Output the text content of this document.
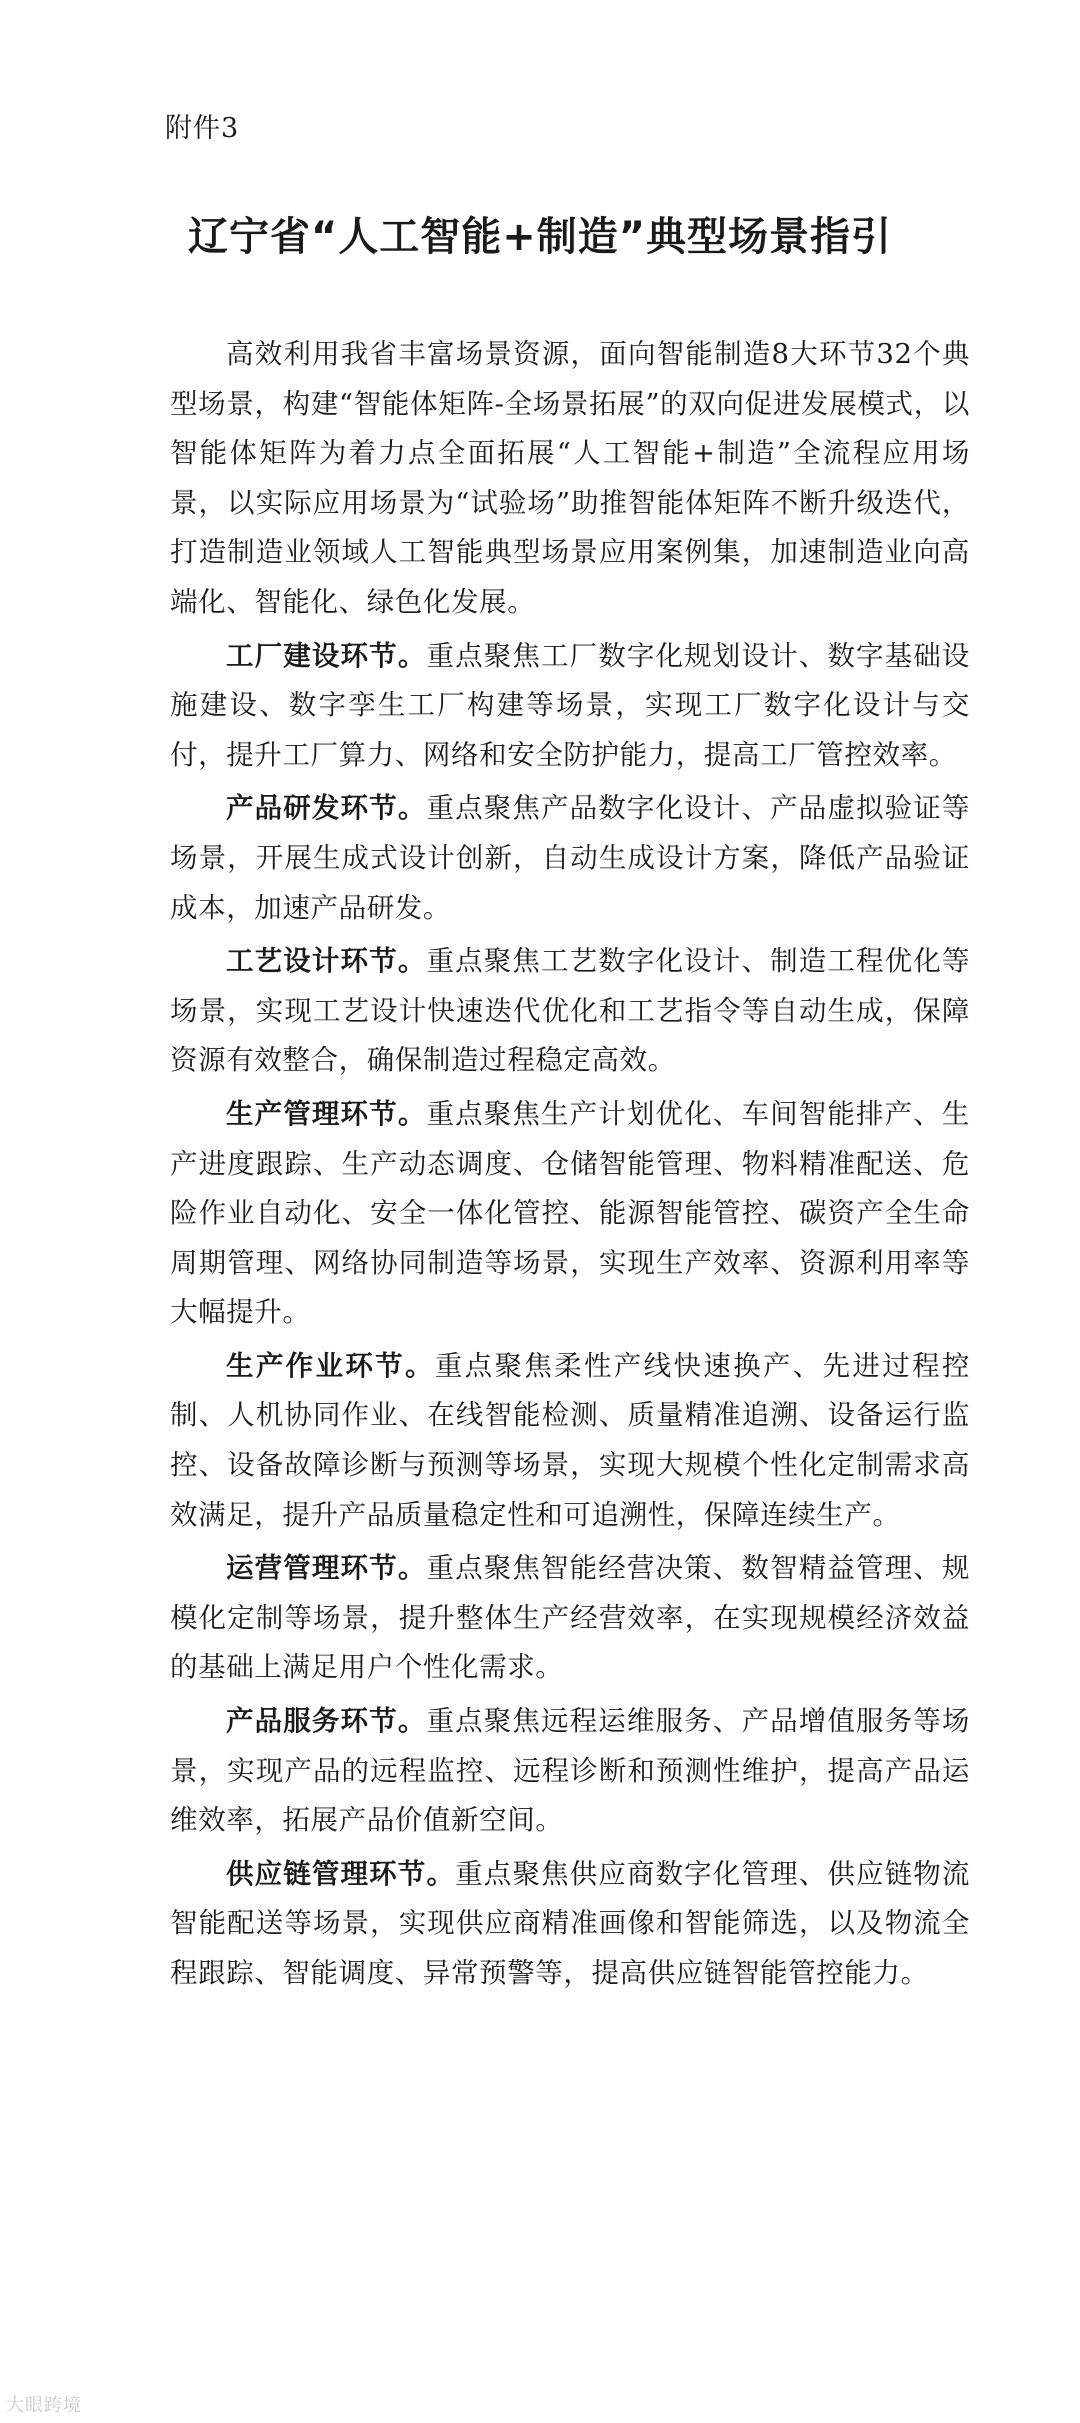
附件3
辽宁省“人工智能+制造”典型场景指引

高效利用我省丰富场景资源，面向智能制造8大环节32个典型场景，构建“智能体矩阵-全场景拓展”的双向促进发展模式，以智能体矩阵为着力点全面拓展“人工智能+制造”全流程应用场景，以实际应用场景为“试验场”助推智能体矩阵不断升级迭代，打造制造业领域人工智能典型场景应用案例集，加速制造业向高端化、智能化、绿色化发展。

工厂建设环节。重点聚焦工厂数字化规划设计、数字基础设施建设、数字孪生工厂构建等场景，实现工厂数字化设计与交付，提升工厂算力、网络和安全防护能力，提高工厂管控效率。

产品研发环节。重点聚焦产品数字化设计、产品虚拟验证等场景，开展生成式设计创新，自动生成设计方案，降低产品验证成本，加速产品研发。

工艺设计环节。重点聚焦工艺数字化设计、制造工程优化等场景，实现工艺设计快速迭代优化和工艺指令等自动生成，保障资源有效整合，确保制造过程稳定高效。

生产管理环节。重点聚焦生产计划优化、车间智能排产、生产进度跟踪、生产动态调度、仓储智能管理、物料精准配送、危险作业自动化、安全一体化管控、能源智能管控、碳资产全生命周期管理、网络协同制造等场景，实现生产效率、资源利用率等大幅提升。

生产作业环节。重点聚焦柔性产线快速换产、先进过程控制、人机协同作业、在线智能检测、质量精准追溯、设备运行监控、设备故障诊断与预测等场景，实现大规模个性化定制需求高效满足，提升产品质量稳定性和可追溯性，保障连续生产。

运营管理环节。重点聚焦智能经营决策、数智精益管理、规模化定制等场景，提升整体生产经营效率，在实现规模经济效益的基础上满足用户个性化需求。

产品服务环节。重点聚焦远程运维服务、产品增值服务等场景，实现产品的远程监控、远程诊断和预测性维护，提高产品运维效率，拓展产品价值新空间。

供应链管理环节。重点聚焦供应商数字化管理、供应链物流智能配送等场景，实现供应商精准画像和智能筛选，以及物流全程跟踪、智能调度、异常预警等，提高供应链智能管控能力。

大眼跨境
